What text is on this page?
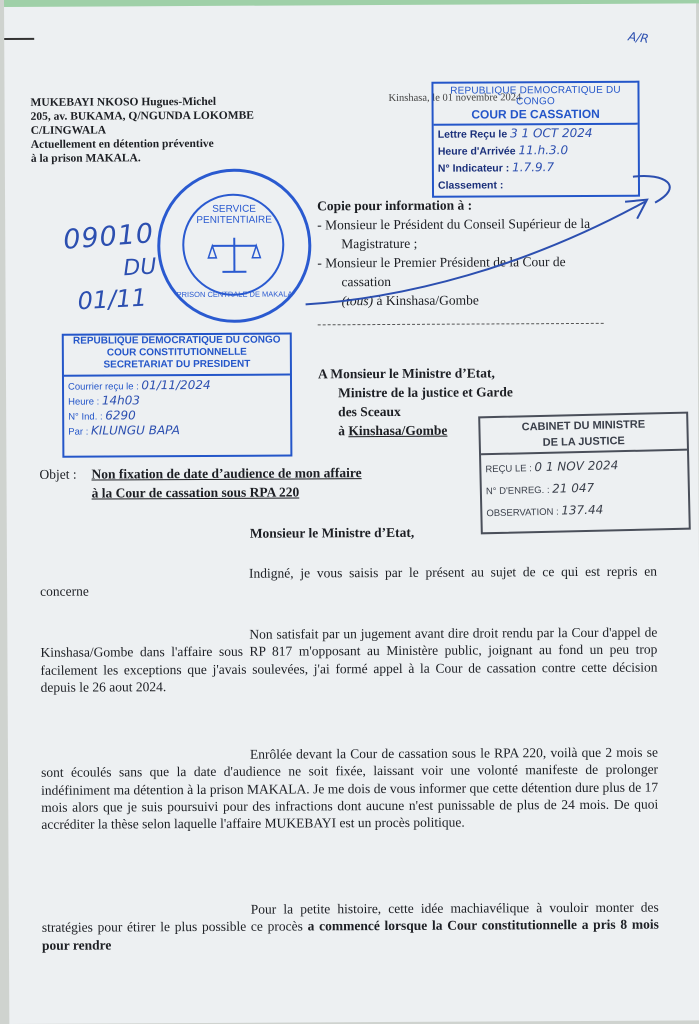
A/R
MUKEBAYI NKOSO Hugues-Michel
205, av. BUKAMA, Q/NGUNDA LOKOMBE
C/LINGWALA
Actuellement en détention préventive
à la prison MAKALA.
Kinshasa, le 01 novembre 2024
REPUBLIQUE DEMOCRATIQUE DU CONGO
COUR DE CASSATION
Lettre Reçu le 3 1 OCT 2024
Heure d'Arrivée 11.h.3.0
N° Indicateur : 1.7.9.7
Classement :
Copie pour information à :
- Monsieur le Président du Conseil Supérieur de la Magistrature ;
- Monsieur le Premier Président de la Cour de cassation
(tous) à Kinshasa/Gombe
SERVICE
PENITENTIAIRE
PRISON CENTRALE DE MAKALA
09010
DU
01/11
REPUBLIQUE DEMOCRATIQUE DU CONGO
COUR CONSTITUTIONNELLE
SECRETARIAT DU PRESIDENT
Courrier reçu le : 01/11/2024
Heure : 14h03
N° Ind. : 6290
Par : KILUNGU BAPA
A Monsieur le Ministre d’Etat,
Ministre de la justice et Garde
des Sceaux
à Kinshasa/Gombe	CABINET DU MINISTRE
DE LA JUSTICE
REÇU LE : 0 1 NOV 2024
N° D'ENREG. : 21 047
OBSERVATION : 137.44
Objet : Non fixation de date d’audience de mon affaire
à la Cour de cassation sous RPA 220
Monsieur le Ministre d’Etat,
Indigné, je vous saisis par le présent au sujet de ce qui est repris en concerne
Non satisfait par un jugement avant dire droit rendu par la Cour d'appel de Kinshasa/Gombe dans l'affaire sous RP 817 m'opposant au Ministère public, joignant au fond un peu trop facilement les exceptions que j'avais soulevées, j'ai formé appel à la Cour de cassation contre cette décision depuis le 26 aout 2024.
Enrôlée devant la Cour de cassation sous le RPA 220, voilà que 2 mois se sont écoulés sans que la date d'audience ne soit fixée, laissant voir une volonté manifeste de prolonger indéfiniment ma détention à la prison MAKALA. Je me dois de vous informer que cette détention dure plus de 17 mois alors que je suis poursuivi pour des infractions dont aucune n'est punissable de plus de 24 mois. De quoi accréditer la thèse selon laquelle l'affaire MUKEBAYI est un procès politique.
Pour la petite histoire, cette idée machiavélique à vouloir monter des stratégies pour étirer le plus possible ce procès a commencé lorsque la Cour constitutionnelle a pris 8 mois pour rendre
